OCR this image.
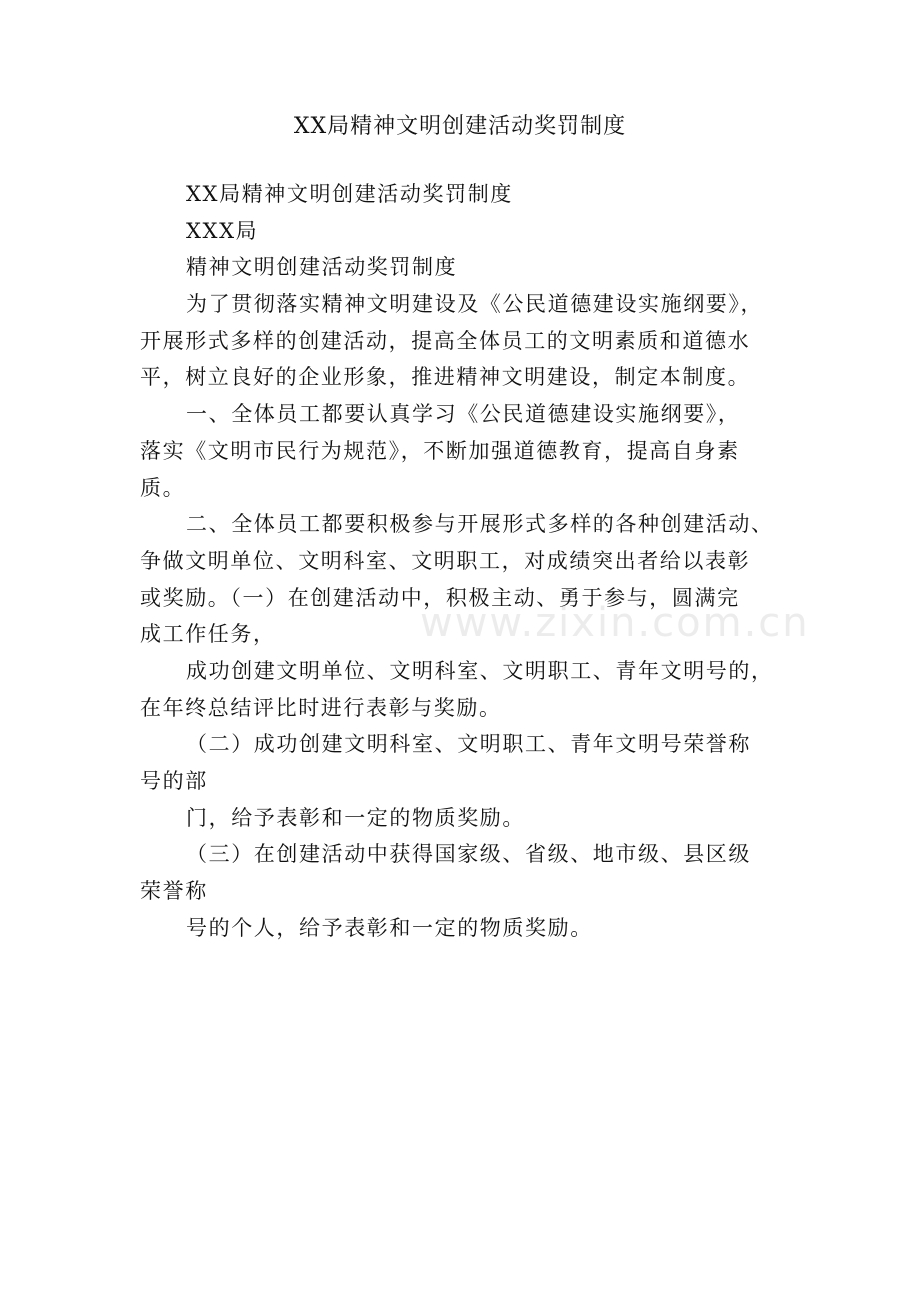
www.zixin.com.cn
XX局精神文明创建活动奖罚制度
XX局精神文明创建活动奖罚制度
XXX局
精神文明创建活动奖罚制度
为了贯彻落实精神文明建设及《公民道德建设实施纲要》，
开展形式多样的创建活动，提高全体员工的文明素质和道德水
平，树立良好的企业形象，推进精神文明建设，制定本制度。
一、全体员工都要认真学习《公民道德建设实施纲要》，
落实《文明市民行为规范》，不断加强道德教育，提高自身素
质。
二、全体员工都要积极参与开展形式多样的各种创建活动、
争做文明单位、文明科室、文明职工，对成绩突出者给以表彰
或奖励。（一）在创建活动中，积极主动、勇于参与，圆满完
成工作任务，
成功创建文明单位、文明科室、文明职工、青年文明号的，
在年终总结评比时进行表彰与奖励。
（二）成功创建文明科室、文明职工、青年文明号荣誉称
号的部
门，给予表彰和一定的物质奖励。
（三）在创建活动中获得国家级、省级、地市级、县区级
荣誉称
号的个人，给予表彰和一定的物质奖励。
